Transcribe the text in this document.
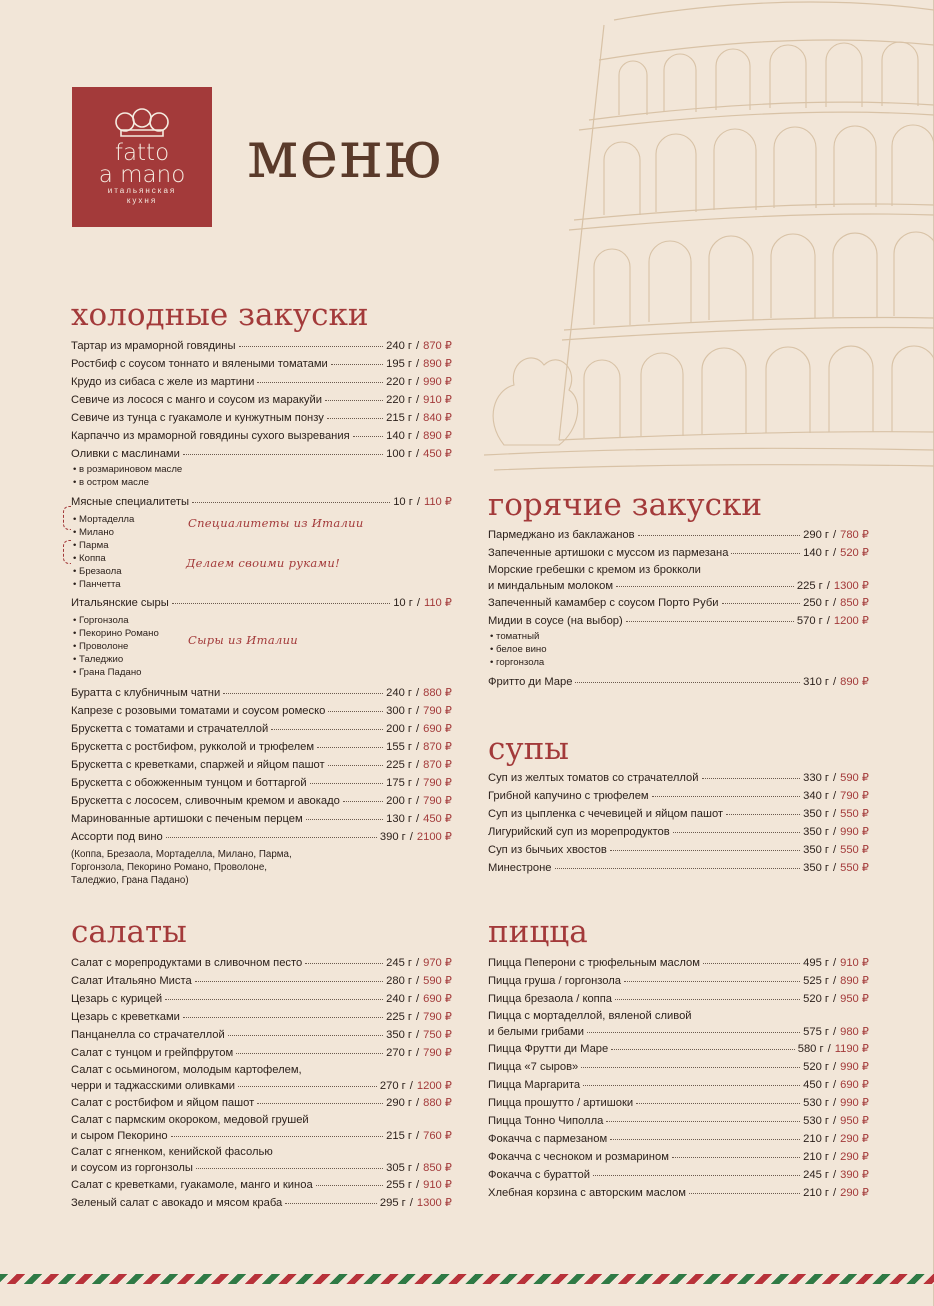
fatto
a mano
итальянская
кухня
меню
холодные закуски
Тартар из мраморной говядины	240 г / 870 ₽
Ростбиф с соусом тоннато и вялеными томатами	195 г / 890 ₽
Крудо из сибаса с желе из мартини	220 г / 990 ₽
Севиче из лосося с манго и соусом из маракуйи	220 г / 910 ₽
Севиче из тунца с гуакамоле и кунжутным понзу	215 г / 840 ₽
Карпаччо из мраморной говядины сухого вызревания	140 г / 890 ₽
Оливки с маслинами	100 г / 450 ₽
• в розмариновом масле
• в остром масле
Мясные специалитеты	10 г / 110 ₽
• Мортаделла
• Милано
• Парма
• Коппа
• Брезаола
• Панчетта
Итальянские сыры	10 г / 110 ₽
• Горгонзола
• Пекорино Романо
• Проволоне
• Таледжио
• Грана Падано
Буратта с клубничным чатни	240 г / 880 ₽
Капрезе с розовыми томатами и соусом ромеско	300 г / 790 ₽
Брускетта с томатами и страчателлой	200 г / 690 ₽
Брускетта с ростбифом, рукколой и трюфелем	155 г / 870 ₽
Брускетта с креветками, спаржей и яйцом пашот	225 г / 870 ₽
Брускетта с обожженным тунцом и боттаргой	175 г / 790 ₽
Брускетта с лососем, сливочным кремом и авокадо	200 г / 790 ₽
Маринованные артишоки с печеным перцем	130 г / 450 ₽
Ассорти под вино	390 г / 2100 ₽
(Коппа, Брезаола, Мортаделла, Милано, Парма,
Горгонзола, Пекорино Романо, Проволоне,
Таледжио, Грана Падано)
Специалитеты из Италии
Делаем своими руками!
Сыры из Италии
горячие закуски
Пармеджано из баклажанов	290 г / 780 ₽
Запеченные артишоки с муссом из пармезана	140 г / 520 ₽
Морские гребешки с кремом из брокколи
и миндальным молоком	225 г / 1300 ₽
Запеченный камамбер с соусом Порто Руби	250 г / 850 ₽
Мидии в соусе (на выбор)	570 г / 1200 ₽
• томатный
• белое вино
• горгонзола
Фритто ди Маре	310 г / 890 ₽
супы
Суп из желтых томатов со страчателлой	330 г / 590 ₽
Грибной капучино с трюфелем	340 г / 790 ₽
Суп из цыпленка с чечевицей и яйцом пашот	350 г / 550 ₽
Лигурийский суп из морепродуктов	350 г / 990 ₽
Суп из бычьих хвостов	350 г / 550 ₽
Минестроне	350 г / 550 ₽
салаты
Салат с морепродуктами в сливочном песто	245 г / 970 ₽
Салат Итальяно Миста	280 г / 590 ₽
Цезарь с курицей	240 г / 690 ₽
Цезарь с креветками	225 г / 790 ₽
Панцанелла со страчателлой	350 г / 750 ₽
Салат с тунцом и грейпфрутом	270 г / 790 ₽
Салат с осьминогом, молодым картофелем,
черри и таджасскими оливками	270 г / 1200 ₽
Салат с ростбифом и яйцом пашот	290 г / 880 ₽
Салат с пармским окороком, медовой грушей
и сыром Пекорино	215 г / 760 ₽
Салат с ягненком, кенийской фасолью
и соусом из горгонзолы	305 г / 850 ₽
Салат с креветками, гуакамоле, манго и киноа	255 г / 910 ₽
Зеленый салат с авокадо и мясом краба	295 г / 1300 ₽
пицца
Пицца Пеперони с трюфельным маслом	495 г / 910 ₽
Пицца груша / горгонзола	525 г / 890 ₽
Пицца брезаола / коппа	520 г / 950 ₽
Пицца с мортаделлой, вяленой сливой
и белыми грибами	575 г / 980 ₽
Пицца Фрутти ди Маре	580 г / 1190 ₽
Пицца «7 сыров»	520 г / 990 ₽
Пицца Маргарита	450 г / 690 ₽
Пицца прошутто / артишоки	530 г / 990 ₽
Пицца Тонно Чиполла	530 г / 950 ₽
Фокачча с пармезаном	210 г / 290 ₽
Фокачча с чесноком и розмарином	210 г / 290 ₽
Фокачча с бураттой	245 г / 390 ₽
Хлебная корзина с авторским маслом	210 г / 290 ₽
